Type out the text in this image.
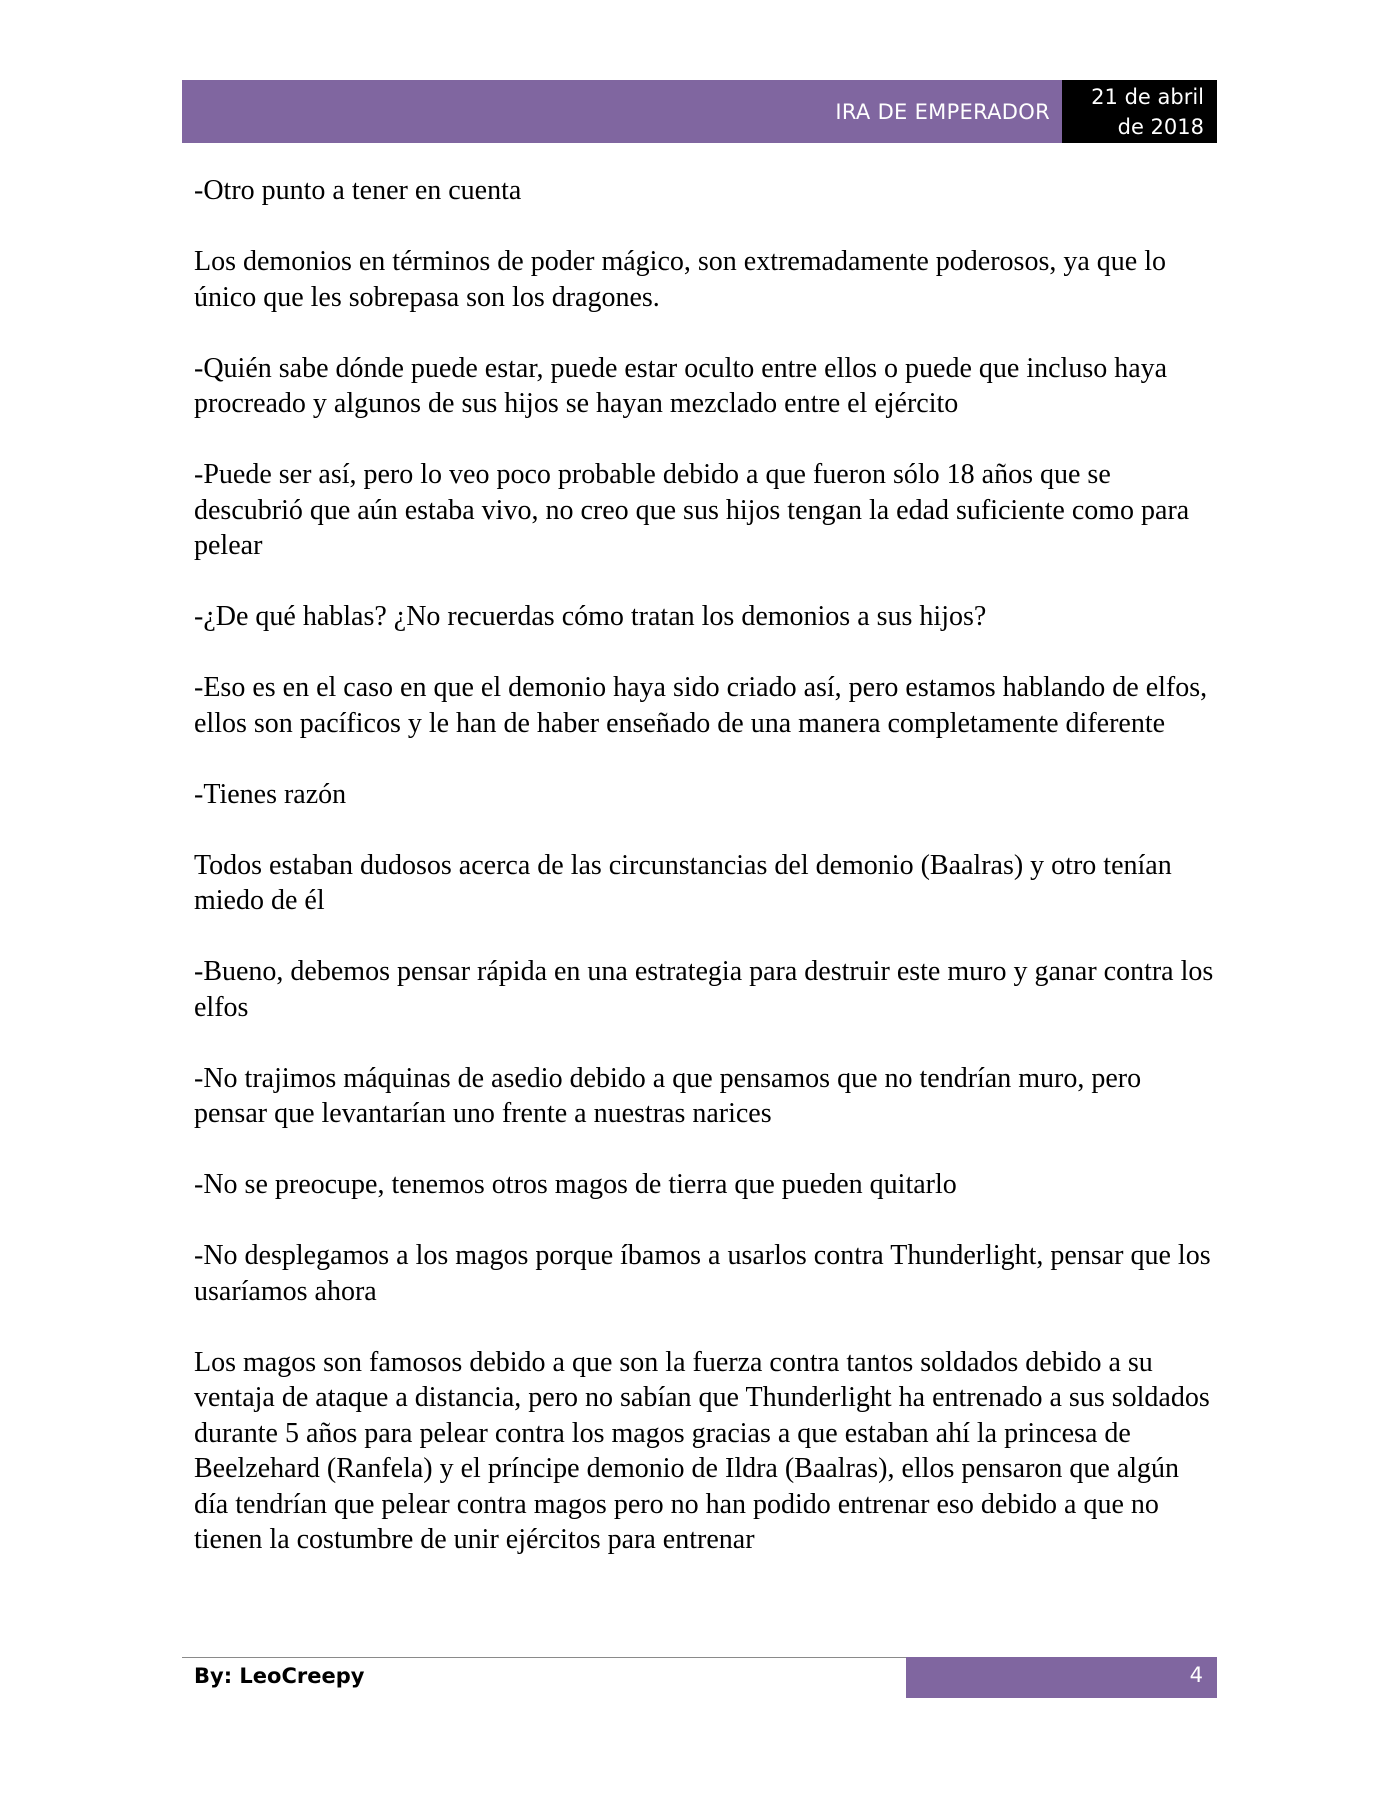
IRA DE EMPERADOR
21 de abril
de 2018

-Otro punto a tener en cuenta

Los demonios en términos de poder mágico, son extremadamente poderosos, ya que lo único que les sobrepasa son los dragones.

-Quién sabe dónde puede estar, puede estar oculto entre ellos o puede que incluso haya procreado y algunos de sus hijos se hayan mezclado entre el ejército

-Puede ser así, pero lo veo poco probable debido a que fueron sólo 18 años que se descubrió que aún estaba vivo, no creo que sus hijos tengan la edad suficiente como para pelear

-¿De qué hablas? ¿No recuerdas cómo tratan los demonios a sus hijos?

-Eso es en el caso en que el demonio haya sido criado así, pero estamos hablando de elfos, ellos son pacíficos y le han de haber enseñado de una manera completamente diferente

-Tienes razón

Todos estaban dudosos acerca de las circunstancias del demonio (Baalras) y otro tenían miedo de él

-Bueno, debemos pensar rápida en una estrategia para destruir este muro y ganar contra los elfos

-No trajimos máquinas de asedio debido a que pensamos que no tendrían muro, pero pensar que levantarían uno frente a nuestras narices

-No se preocupe, tenemos otros magos de tierra que pueden quitarlo

-No desplegamos a los magos porque íbamos a usarlos contra Thunderlight, pensar que los usaríamos ahora

Los magos son famosos debido a que son la fuerza contra tantos soldados debido a su ventaja de ataque a distancia, pero no sabían que Thunderlight ha entrenado a sus soldados durante 5 años para pelear contra los magos gracias a que estaban ahí la princesa de Beelzehard (Ranfela) y el príncipe demonio de Ildra (Baalras), ellos pensaron que algún día tendrían que pelear contra magos pero no han podido entrenar eso debido a que no tienen la costumbre de unir ejércitos para entrenar

By: LeoCreepy	4
